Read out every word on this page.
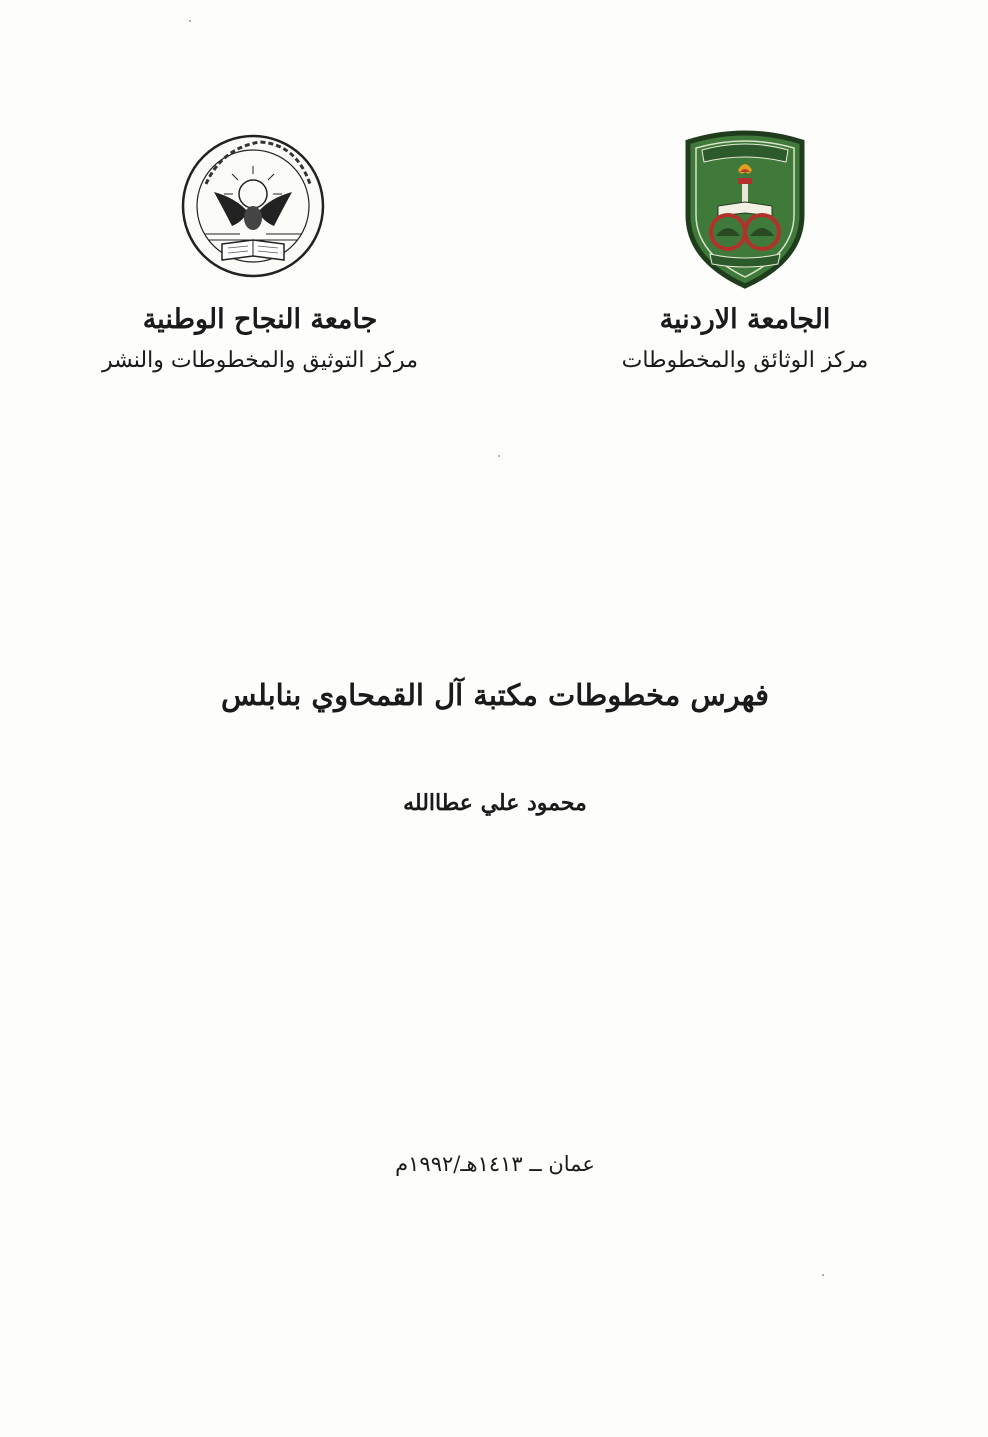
الجامعة الاردنية
مركز الوثائق والمخطوطات
جامعة النجاح الوطنية
مركز التوثيق والمخطوطات والنشر
فهرس مخطوطات مكتبة آل القمحاوي بنابلس
محمود علي عطاالله
عمان ــ ١٤١٣هـ/١٩٩٢م
